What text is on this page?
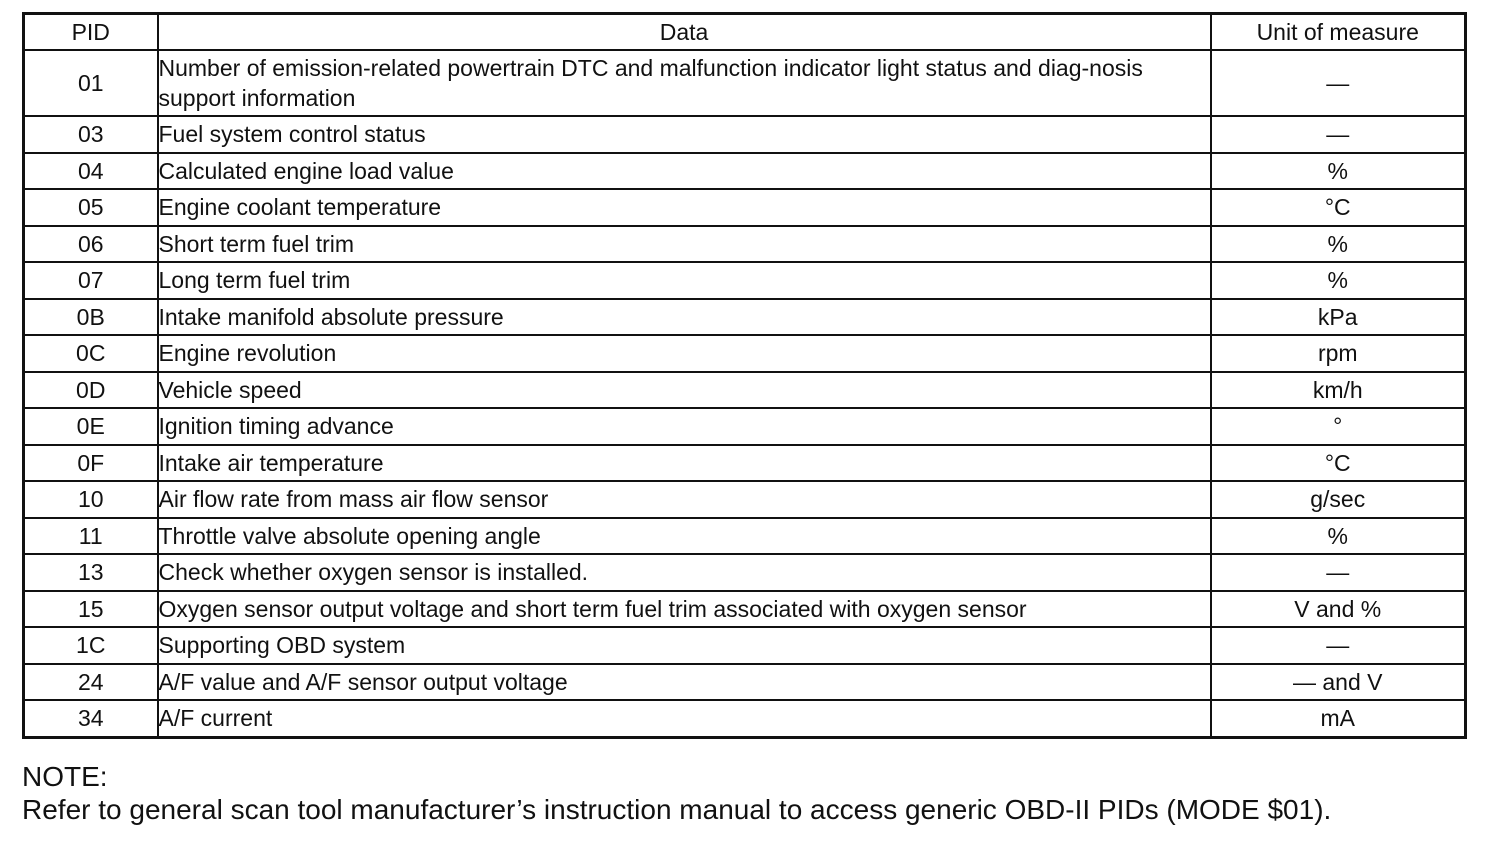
PID	Data	Unit of measure
01	Number of emission-related powertrain DTC and malfunction indicator light status and diag-nosis support information	—
03	Fuel system control status	—
04	Calculated engine load value	%
05	Engine coolant temperature	°C
06	Short term fuel trim	%
07	Long term fuel trim	%
0B	Intake manifold absolute pressure	kPa
0C	Engine revolution	rpm
0D	Vehicle speed	km/h
0E	Ignition timing advance	°
0F	Intake air temperature	°C
10	Air flow rate from mass air flow sensor	g/sec
11	Throttle valve absolute opening angle	%
13	Check whether oxygen sensor is installed.	—
15	Oxygen sensor output voltage and short term fuel trim associated with oxygen sensor	V and %
1C	Supporting OBD system	—
24	A/F value and A/F sensor output voltage	— and V
34	A/F current	mA
NOTE:
Refer to general scan tool manufacturer’s instruction manual to access generic OBD-II PIDs (MODE $01).
